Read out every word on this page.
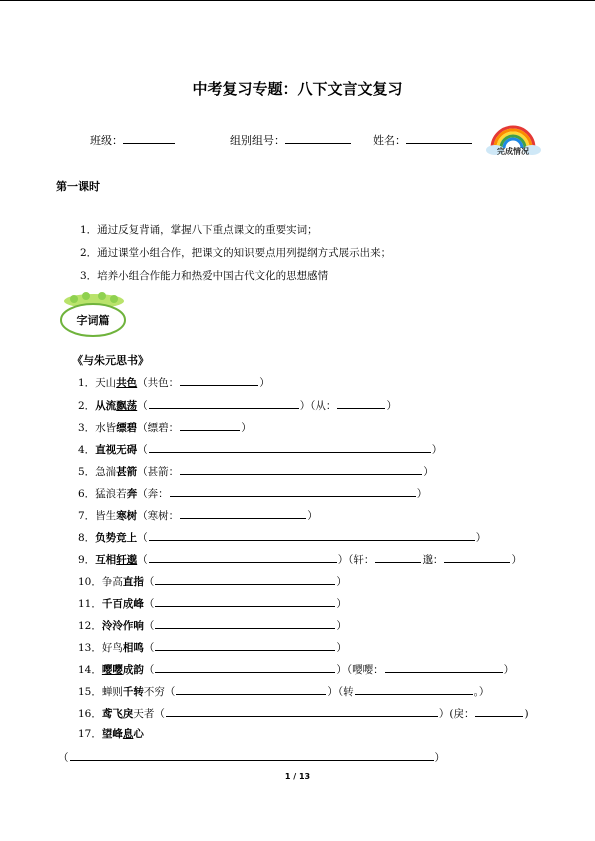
中考复习专题：八下文言文复习
班级：	组别组号：	姓名：
完成情况
第一课时
1．通过反复背诵，掌握八下重点课文的重要实词；
2．通过课堂小组合作，把课文的知识要点用列提纲方式展示出来；
3．培养小组合作能力和热爱中国古代文化的思想感情
字词篇
《与朱元思书》
1．天山共色（共色：	）
2．从流飘荡（	）（从：	）
3．水皆缥碧（缥碧：	）
4．直视无碍（	）
5．急湍甚箭（甚箭：	）
6．猛浪若奔（奔：	）
7．皆生寒树（寒树：	）
8．负势竞上（	）
9．互相轩邈（	）（轩：	邈：	）
10．争高直指（	）
11．千百成峰（	）
12．泠泠作响（	）
13．好鸟相鸣（	）
14．嘤嘤成韵（	）（嘤嘤：	）
15．蝉则千转不穷（	）（转	。）
16．鸢飞戾天者（	）(戾：	)
17．望峰息心
（	）
1 / 13
